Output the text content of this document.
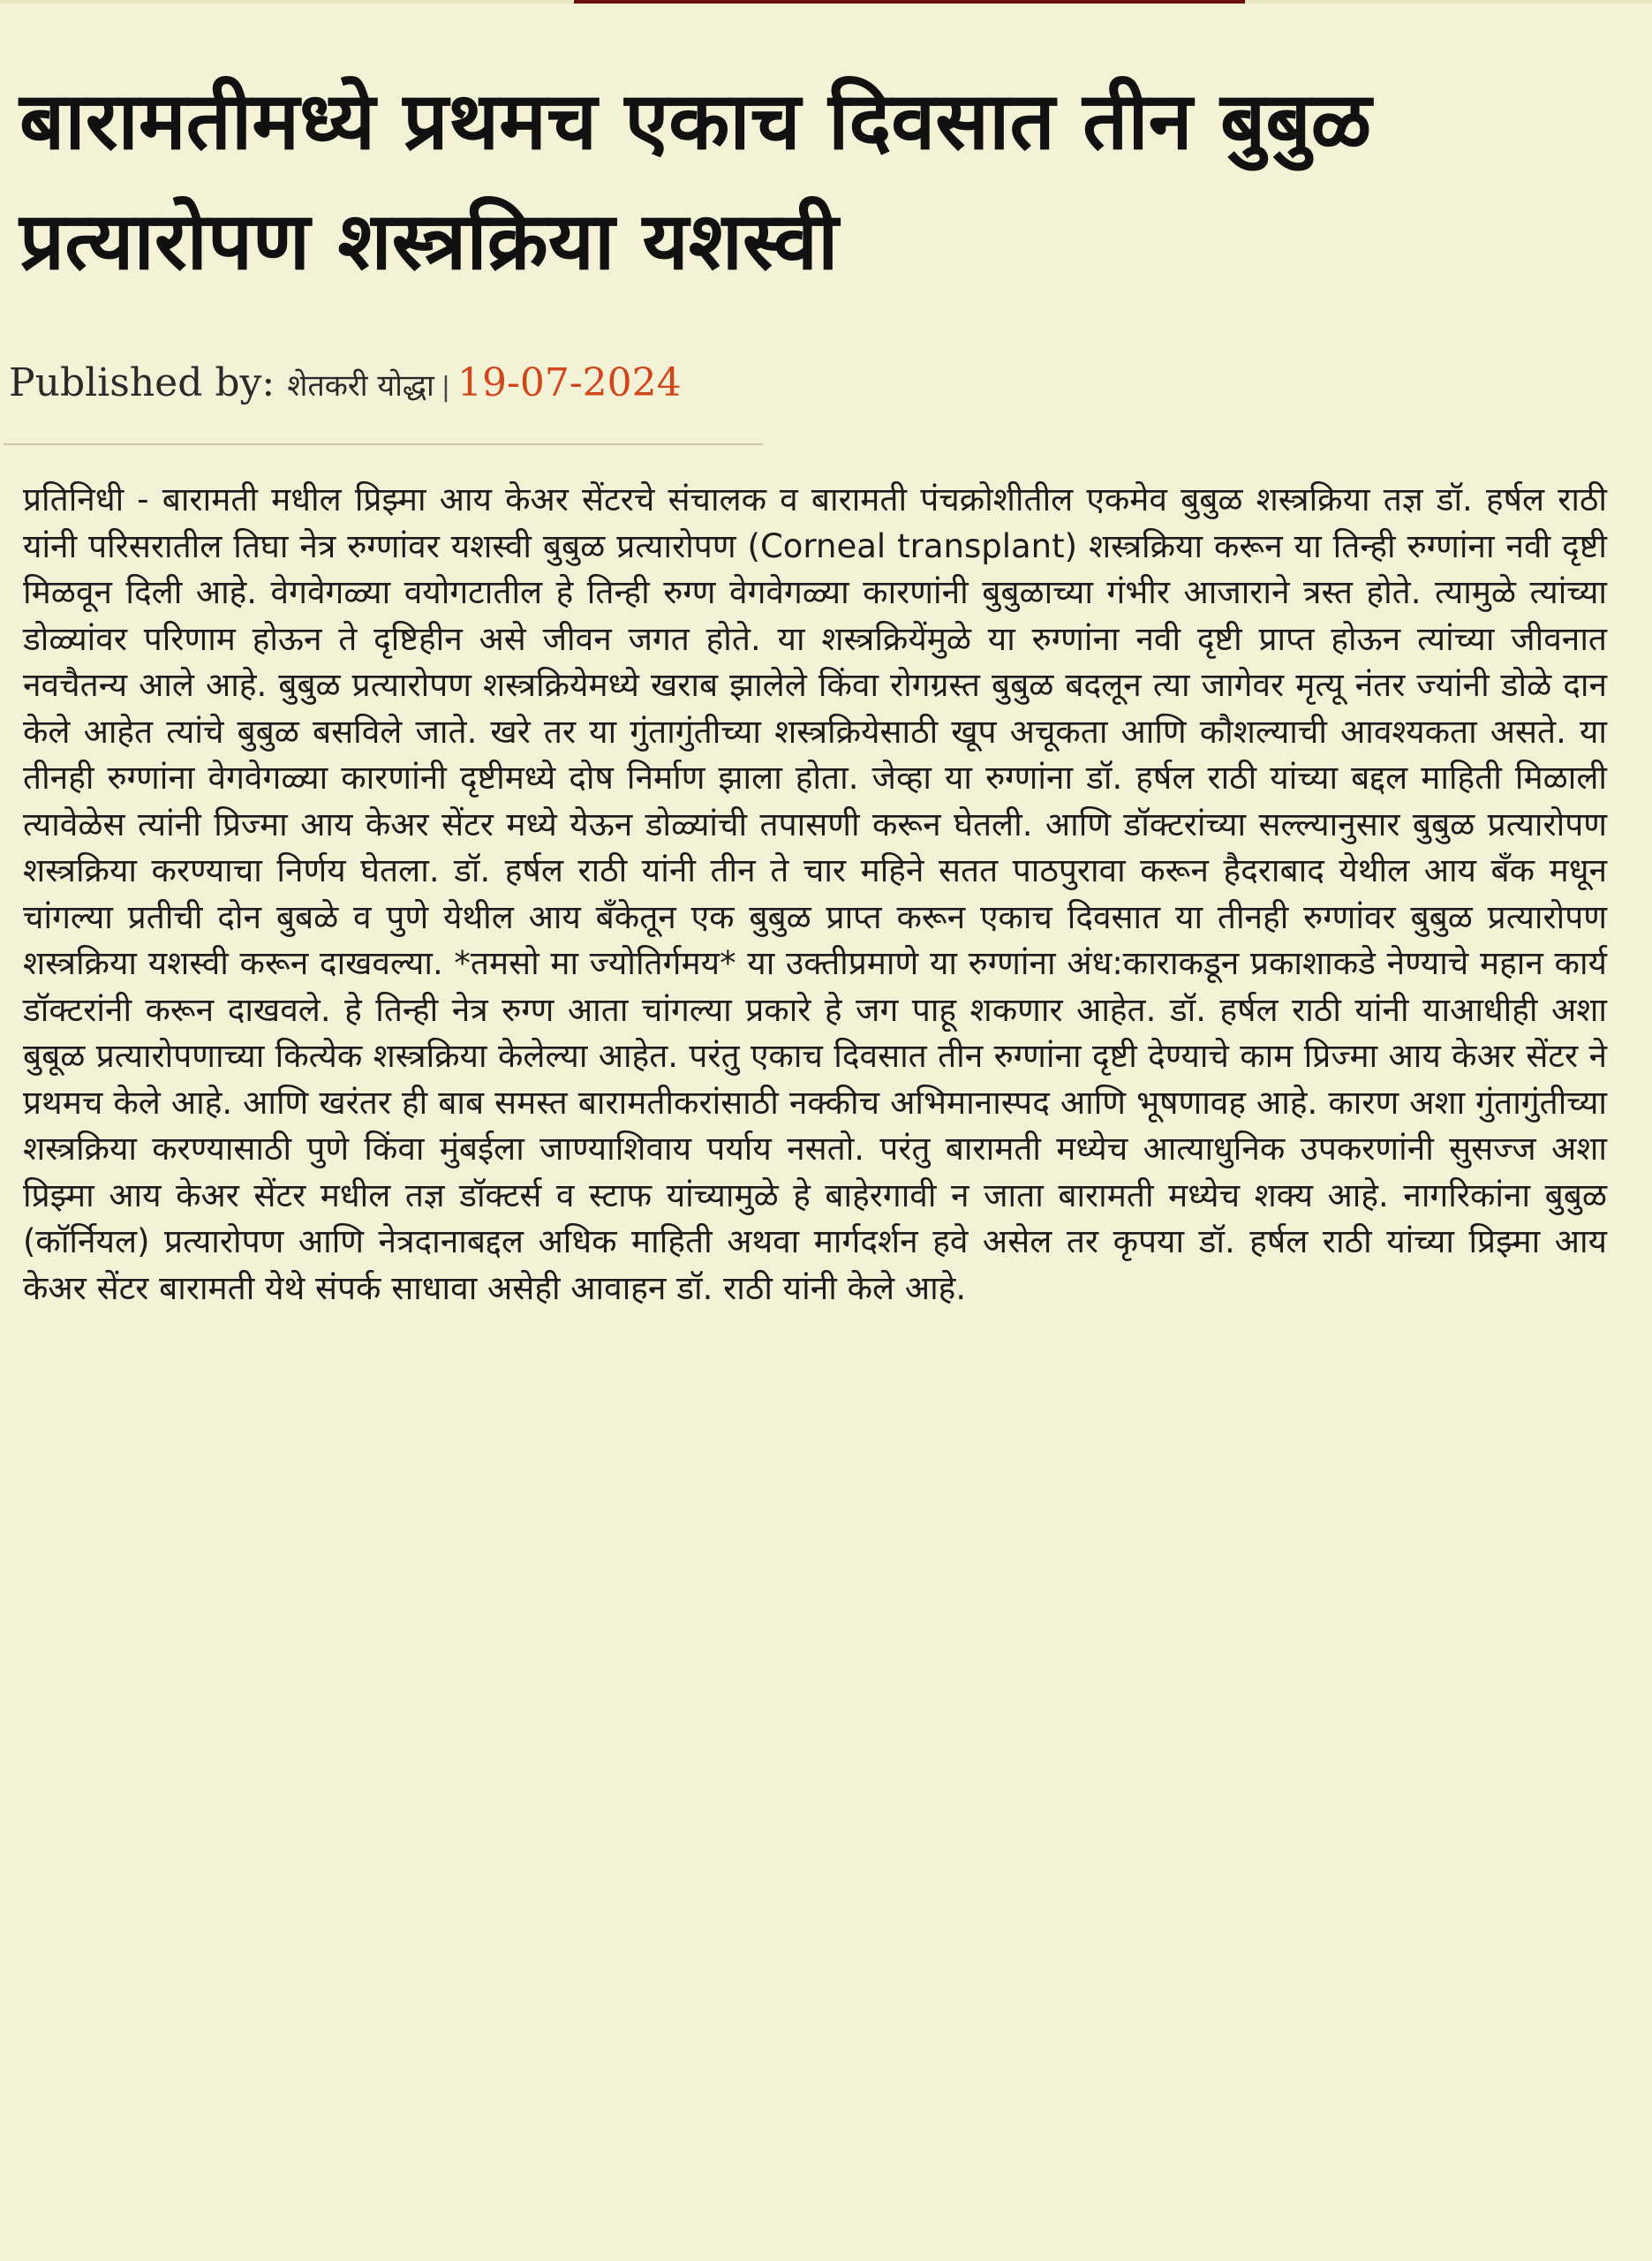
बारामतीमध्ये प्रथमच एकाच दिवसात तीन बुबुळ प्रत्यारोपण शस्त्रक्रिया यशस्वी
Published by: शेतकरी योद्धा | 19-07-2024

प्रतिनिधी - बारामती मधील प्रिझ्मा आय केअर सेंटरचे संचालक व बारामती पंचक्रोशीतील एकमेव बुबुळ शस्त्रक्रिया तज्ञ डॉ. हर्षल राठी यांनी परिसरातील तिघा नेत्र रुग्णांवर यशस्वी बुबुळ प्रत्यारोपण (Corneal transplant) शस्त्रक्रिया करून या तिन्ही रुग्णांना नवी दृष्टी मिळवून दिली आहे. वेगवेगळ्या वयोगटातील हे तिन्ही रुग्ण वेगवेगळ्या कारणांनी बुबुळाच्या गंभीर आजाराने त्रस्त होते. त्यामुळे त्यांच्या डोळ्यांवर परिणाम होऊन ते दृष्टिहीन असे जीवन जगत होते. या शस्त्रक्रियेंमुळे या रुग्णांना नवी दृष्टी प्राप्त होऊन त्यांच्या जीवनात नवचैतन्य आले आहे. बुबुळ प्रत्यारोपण शस्त्रक्रियेमध्ये खराब झालेले किंवा रोगग्रस्त बुबुळ बदलून त्या जागेवर मृत्यू नंतर ज्यांनी डोळे दान केले आहेत त्यांचे बुबुळ बसविले जाते. खरे तर या गुंतागुंतीच्या शस्त्रक्रियेसाठी खूप अचूकता आणि कौशल्याची आवश्यकता असते. या तीनही रुग्णांना वेगवेगळ्या कारणांनी दृष्टीमध्ये दोष निर्माण झाला होता. जेव्हा या रुग्णांना डॉ. हर्षल राठी यांच्या बद्दल माहिती मिळाली त्यावेळेस त्यांनी प्रिज्मा आय केअर सेंटर मध्ये येऊन डोळ्यांची तपासणी करून घेतली. आणि डॉक्टरांच्या सल्ल्यानुसार बुबुळ प्रत्यारोपण शस्त्रक्रिया करण्याचा निर्णय घेतला. डॉ. हर्षल राठी यांनी तीन ते चार महिने सतत पाठपुरावा करून हैदराबाद येथील आय बँक मधून चांगल्या प्रतीची दोन बुबळे व पुणे येथील आय बँकेतून एक बुबुळ प्राप्त करून एकाच दिवसात या तीनही रुग्णांवर बुबुळ प्रत्यारोपण शस्त्रक्रिया यशस्वी करून दाखवल्या. *तमसो मा ज्योतिर्गमय* या उक्तीप्रमाणे या रुग्णांना अंध:काराकडून प्रकाशाकडे नेण्याचे महान कार्य डॉक्टरांनी करून दाखवले. हे तिन्ही नेत्र रुग्ण आता चांगल्या प्रकारे हे जग पाहू शकणार आहेत. डॉ. हर्षल राठी यांनी याआधीही अशा बुबूळ प्रत्यारोपणाच्या कित्येक शस्त्रक्रिया केलेल्या आहेत. परंतु एकाच दिवसात तीन रुग्णांना दृष्टी देण्याचे काम प्रिज्मा आय केअर सेंटर ने प्रथमच केले आहे. आणि खरंतर ही बाब समस्त बारामतीकरांसाठी नक्कीच अभिमानास्पद आणि भूषणावह आहे. कारण अशा गुंतागुंतीच्या शस्त्रक्रिया करण्यासाठी पुणे किंवा मुंबईला जाण्याशिवाय पर्याय नसतो. परंतु बारामती मध्येच आत्याधुनिक उपकरणांनी सुसज्ज अशा प्रिझ्मा आय केअर सेंटर मधील तज्ञ डॉक्टर्स व स्टाफ यांच्यामुळे हे बाहेरगावी न जाता बारामती मध्येच शक्य आहे. नागरिकांना बुबुळ (कॉर्नियल) प्रत्यारोपण आणि नेत्रदानाबद्दल अधिक माहिती अथवा मार्गदर्शन हवे असेल तर कृपया डॉ. हर्षल राठी यांच्या प्रिझ्मा आय केअर सेंटर बारामती येथे संपर्क साधावा असेही आवाहन डॉ. राठी यांनी केले आहे.
